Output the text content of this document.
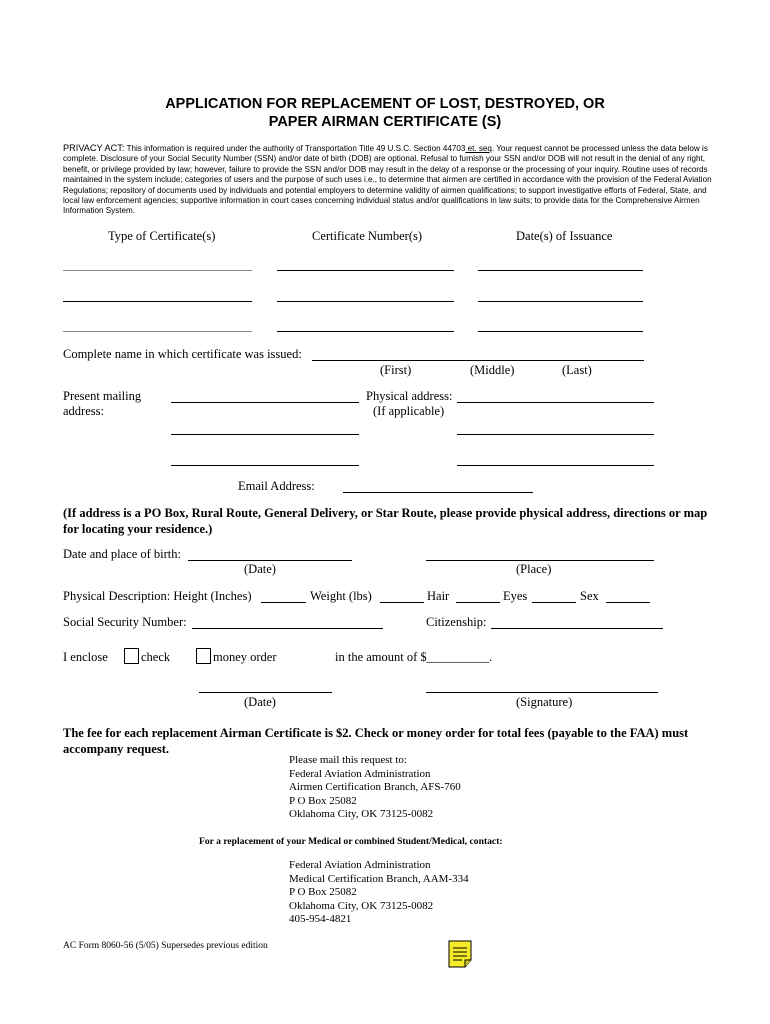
APPLICATION FOR REPLACEMENT OF LOST, DESTROYED, OR
PAPER AIRMAN CERTIFICATE (S)
PRIVACY ACT: This information is required under the authority of Transportation Title 49 U.S.C. Section 44703 et. seq. Your request cannot be processed unless the data below is complete. Disclosure of your Social Security Number (SSN) and/or date of birth (DOB) are optional. Refusal to furnish your SSN and/or DOB will not result in the denial of any right, benefit, or privilege provided by law; however, failure to provide the SSN and/or DOB may result in the delay of a response or the processing of your inquiry. Routine uses of records maintained in the system include; categories of users and the purpose of such uses i.e., to determine that airmen are certified in accordance with the provision of the Federal Aviation Regulations; repository of documents used by individuals and potential employers to determine validity of airmen qualifications; to support investigative efforts of Federal, State, and local law enforcement agencies; supportive information in court cases concerning individual status and/or qualifications in law suits; to provide data for the Comprehensive Airmen Information System.
Type of Certificate(s)	Certificate Number(s)	Date(s) of Issuance
Complete name in which certificate was issued:
(First)	(Middle)	(Last)
Present mailing
address:
Physical address:
(If applicable)
Email Address:
(If address is a PO Box, Rural Route, General Delivery, or Star Route, please provide physical address, directions or map for locating your residence.)
Date and place of birth:
(Date)	(Place)
Physical Description: Height (Inches)	Weight (lbs)	Hair	Eyes	Sex
Social Security Number:	Citizenship:
I enclose	check	money order	in the amount of $__________.
(Date)	(Signature)
The fee for each replacement Airman Certificate is $2. Check or money order for total fees (payable to the FAA) must accompany request.
Please mail this request to:
Federal Aviation Administration
Airmen Certification Branch, AFS-760
P O Box 25082
Oklahoma City, OK 73125-0082
For a replacement of your Medical or combined Student/Medical, contact:
Federal Aviation Administration
Medical Certification Branch, AAM-334
P O Box 25082
Oklahoma City, OK 73125-0082
405-954-4821
AC Form 8060-56 (5/05) Supersedes previous edition
